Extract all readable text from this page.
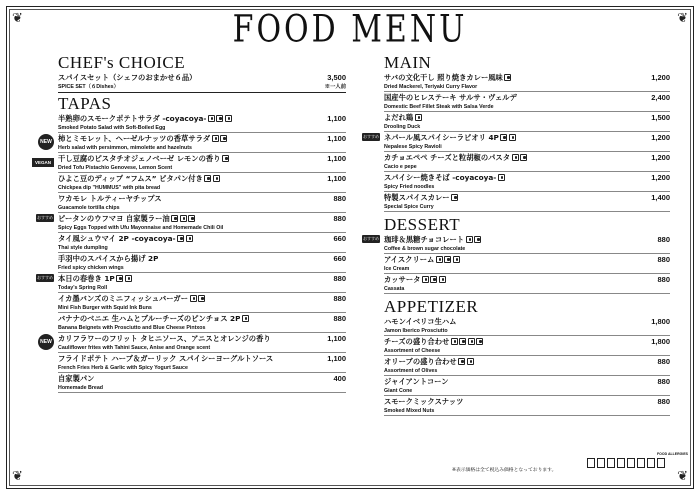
❦	❦
❦	❦
FOOD MENU
CHEF's CHOICE
スパイスセット（シェフのおまかせ６品）	3,500
SPICE SET（６Dishes）	※一人前
TAPAS
半熟卵のスモークポテトサラダ -coyacoya-	1,100
Smoked Potato Salad with Soft-Boiled Egg
NEW 柿とミモレット、ヘーゼルナッツの香草サラダ	1,100
Herb salad with persimmon, mimolette and hazelnuts
VEGAN 干し豆腐のピスタチオジェノベーゼ レモンの香り	1,100
Dried Tofu Pistachio Genovese, Lemon Scent
ひよこ豆のディップ “フムス” ピタパン付き	1,100
Chickpea dip "HUMMUS" with pita bread
ワカモレ トルティーヤチップス	880
Guacamole tortilla chips
おすすめ ピータンのウフマヨ 自家製ラー油	880
Spicy Eggs Topped with Ufu Mayonnaise and Homemade Chili Oil
タイ風シュウマイ 2P -coyacoya-	660
Thai style dumpling
手羽中のスパイスから揚げ 2P	660
Fried spicy chicken wings
おすすめ 本日の春巻き 1P	880
Today's Spring Roll
イカ墨バンズのミニフィッシュバーガー	880
Mini Fish Burger with Squid Ink Buns
バナナのベニエ 生ハムとブルーチーズのピンチョス 2P	880
Banana Beignets with Prosciutto and Blue Cheese Pintxos
NEW カリフラワーのフリット タヒニソース、アニスとオレンジの香り	1,100
Cauliflower frites with Tahini Sauce, Anise and Orange scent
フライドポテト ハーブ＆ガーリック スパイシーヨーグルトソース	1,100
French Fries Herb & Garlic with Spicy Yogurt Sauce
自家製パン	400
Homemade Bread
MAIN
サバの文化干し 照り焼きカレー風味	1,200
Dried Mackerel, Teriyaki Curry Flavor
国産牛のヒレステーキ サルサ・ヴェルデ	2,400
Domestic Beef Fillet Steak with Salsa Verde
よだれ鶏	1,500
Drooling Duck
おすすめ ネパール風スパイシーラビオリ 4P	1,200
Nepalese Spicy Ravioli
カチョエペペ チーズと粒胡椒のパスタ	1,200
Cacio e pepe
スパイシー焼きそば -coyacoya-	1,200
Spicy Fried noodles
特製スパイスカレー	1,400
Special Spice Curry
DESSERT
おすすめ 珈琲＆黒糖チョコレート	880
Coffee & brown sugar chocolate
アイスクリーム	880
Ice Cream
カッサータ	880
Cassata
APPETIZER
ハモンイベリコ生ハム	1,800
Jamon Iberico Prosciutto
チーズの盛り合わせ	1,800
Assortment of Cheese
オリーブの盛り合わせ	880
Assortment of Olives
ジャイアントコーン	880
Giant Cone
スモークミックスナッツ	880
Smoked Mixed Nuts
※表示価格は全て税込み価格となっております。
FOOD ALLERGIES
